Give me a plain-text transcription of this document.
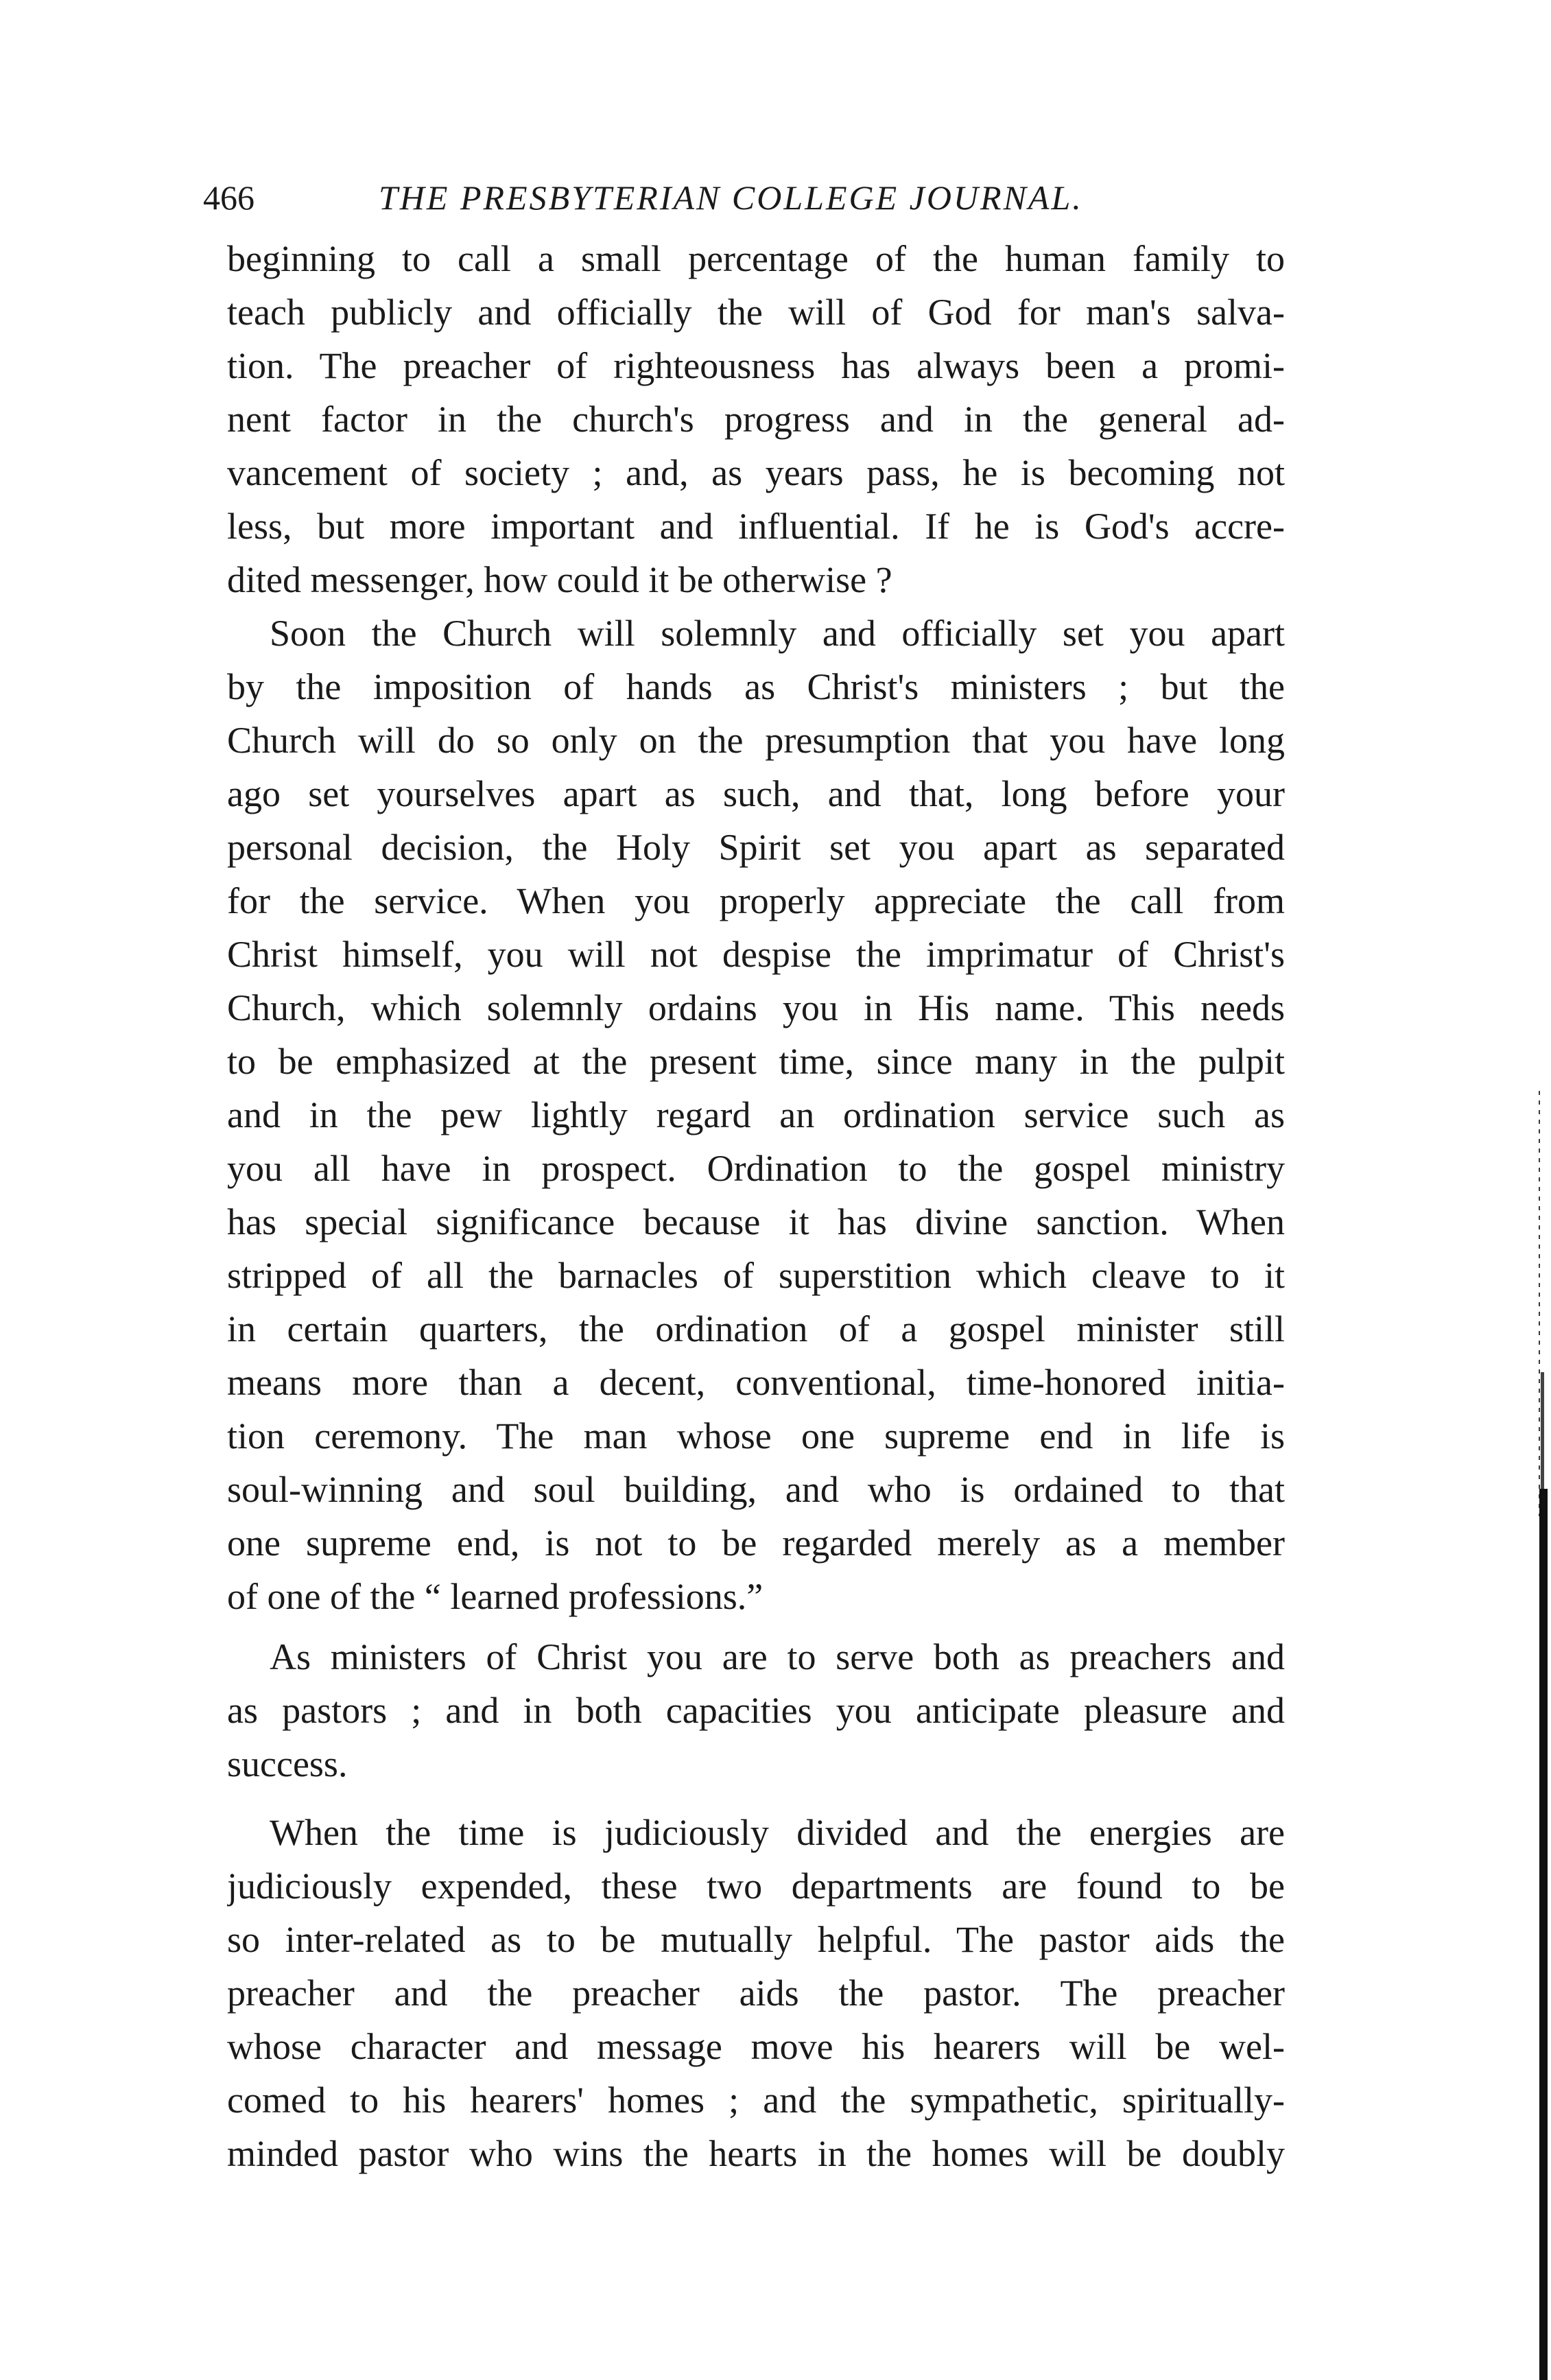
466	THE PRESBYTERIAN COLLEGE JOURNAL.
beginning to call a small percentage of the human family to
teach publicly and officially the will of God for man's salva-
tion. The preacher of righteousness has always been a promi-
nent factor in the church's progress and in the general ad-
vancement of society ; and, as years pass, he is becoming not
less, but more important and influential. If he is God's accre-
dited messenger, how could it be otherwise ?
Soon the Church will solemnly and officially set you apart
by the imposition of hands as Christ's ministers ; but the
Church will do so only on the presumption that you have long
ago set yourselves apart as such, and that, long before your
personal decision, the Holy Spirit set you apart as separated
for the service. When you properly appreciate the call from
Christ himself, you will not despise the imprimatur of Christ's
Church, which solemnly ordains you in His name. This needs
to be emphasized at the present time, since many in the pulpit
and in the pew lightly regard an ordination service such as
you all have in prospect. Ordination to the gospel ministry
has special significance because it has divine sanction. When
stripped of all the barnacles of superstition which cleave to it
in certain quarters, the ordination of a gospel minister still
means more than a decent, conventional, time-honored initia-
tion ceremony. The man whose one supreme end in life is
soul-winning and soul building, and who is ordained to that
one supreme end, is not to be regarded merely as a member
of one of the “ learned professions.”
As ministers of Christ you are to serve both as preachers and
as pastors ; and in both capacities you anticipate pleasure and
success.
When the time is judiciously divided and the energies are
judiciously expended, these two departments are found to be
so inter-related as to be mutually helpful. The pastor aids the
preacher and the preacher aids the pastor. The preacher
whose character and message move his hearers will be wel-
comed to his hearers' homes ; and the sympathetic, spiritually-
minded pastor who wins the hearts in the homes will be doubly
